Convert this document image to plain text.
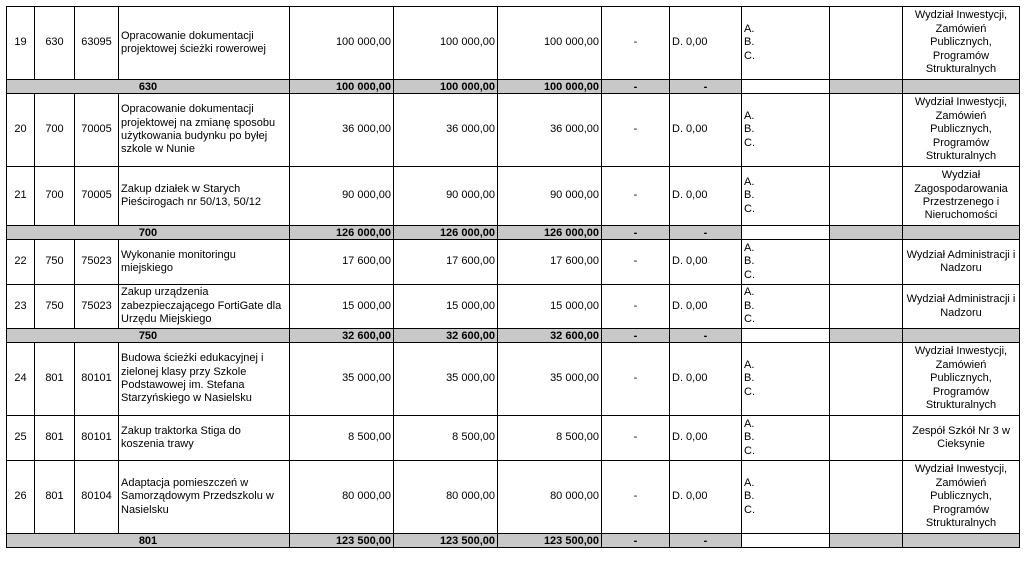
19	630	63095	Opracowanie dokumentacji projektowej ścieżki rowerowej	100 000,00	100 000,00	100 000,00	-	D. 0,00	A.
B.
C.		Wydział Inwestycji, Zamówień Publicznych, Programów Strukturalnych
630				100 000,00	100 000,00	100 000,00	-	-			
20	700	70005	Opracowanie dokumentacji projektowej na zmianę sposobu użytkowania budynku po byłej szkole w Nunie	36 000,00	36 000,00	36 000,00	-	D. 0,00	A.
B.
C.		Wydział Inwestycji, Zamówień Publicznych, Programów Strukturalnych
21	700	70005	Zakup działek w Starych Pieścirogach nr 50/13, 50/12	90 000,00	90 000,00	90 000,00	-	D. 0,00	A.
B.
C.		Wydział Zagospodarowania Przestrzenego i Nieruchomości
700				126 000,00	126 000,00	126 000,00	-	-			
22	750	75023	Wykonanie monitoringu miejskiego	17 600,00	17 600,00	17 600,00	-	D. 0,00	A.
B.
C.		Wydział Administracji i Nadzoru
23	750	75023	Zakup urządzenia zabezpieczającego FortiGate dla Urzędu Miejskiego	15 000,00	15 000,00	15 000,00	-	D. 0,00	A.
B.
C.		Wydział Administracji i Nadzoru
750				32 600,00	32 600,00	32 600,00	-	-			
24	801	80101	Budowa ścieżki edukacyjnej i zielonej klasy przy Szkole Podstawowej im. Stefana Starzyńskiego w Nasielsku	35 000,00	35 000,00	35 000,00	-	D. 0,00	A.
B.
C.		Wydział Inwestycji, Zamówień Publicznych, Programów Strukturalnych
25	801	80101	Zakup traktorka Stiga do koszenia trawy	8 500,00	8 500,00	8 500,00	-	D. 0,00	A.
B.
C.		Zespół Szkół Nr 3 w Cieksynie
26	801	80104	Adaptacja pomieszczeń w Samorządowym Przedszkolu w Nasielsku	80 000,00	80 000,00	80 000,00	-	D. 0,00	A.
B.
C.		Wydział Inwestycji, Zamówień Publicznych, Programów Strukturalnych
801				123 500,00	123 500,00	123 500,00	-	-			
